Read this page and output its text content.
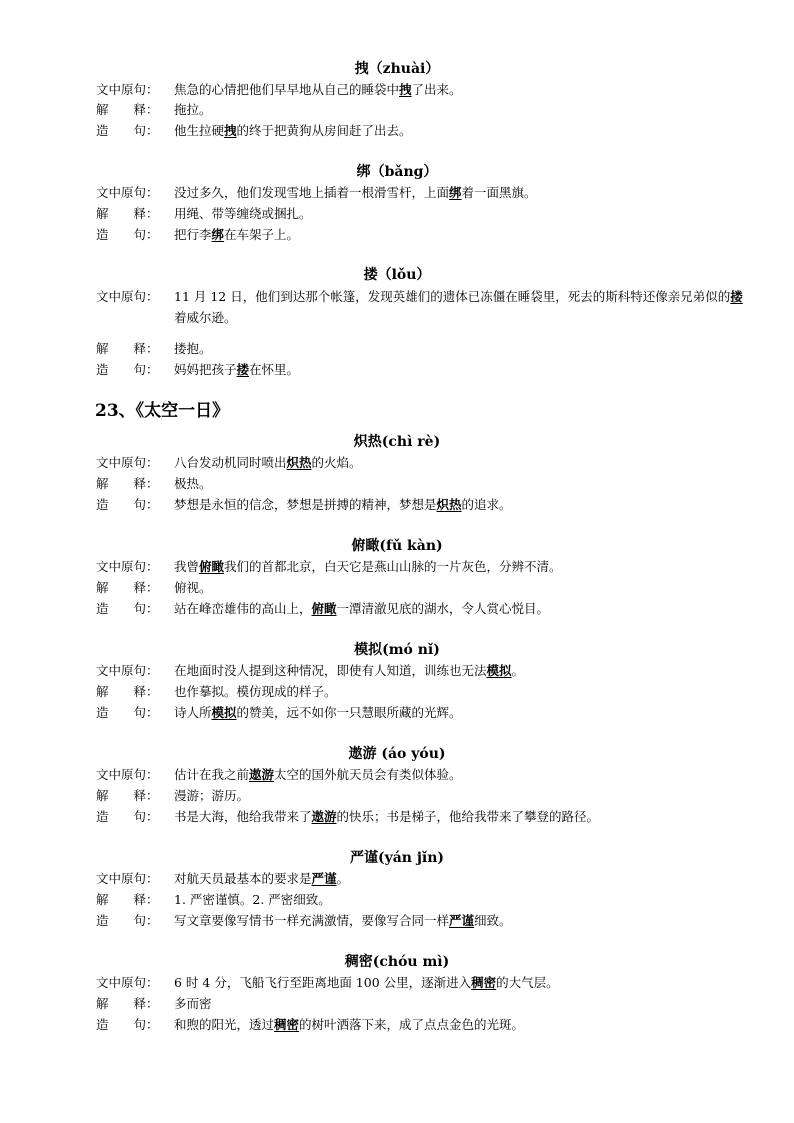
23、《太空一日》
拽（zhuài）
文中原句：	焦急的心情把他们早早地从自己的睡袋中拽了出来。
解　　释：	拖拉。
造　　句：	他生拉硬拽的终于把黄狗从房间赶了出去。
绑（bǎng）
文中原句：	没过多久，他们发现雪地上插着一根滑雪杆，上面绑着一面黑旗。
解　　释：	用绳、带等缠绕或捆扎。
造　　句：	把行李绑在车架子上。
搂（lǒu）
文中原句：	11 月 12 日，他们到达那个帐篷，发现英雄们的遗体已冻僵在睡袋里，死去的斯科特还像亲兄弟似的搂着威尔逊。
解　　释：	搂抱。
造　　句：	妈妈把孩子搂在怀里。
炽热(chì rè)
文中原句：	八台发动机同时喷出炽热的火焰。
解　　释：	极热。
造　　句：	梦想是永恒的信念，梦想是拼搏的精神，梦想是炽热的追求。
俯瞰(fǔ kàn)
文中原句：	我曾俯瞰我们的首都北京，白天它是燕山山脉的一片灰色，分辨不清。
解　　释：	俯视。
造　　句：	站在峰峦雄伟的高山上，俯瞰一潭清澈见底的湖水，令人赏心悦目。
模拟(mó nǐ)
文中原句：	在地面时没人提到这种情况，即使有人知道，训练也无法模拟。
解　　释：	也作摹拟。模仿现成的样子。
造　　句：	诗人所模拟的赞美，远不如你一只慧眼所藏的光辉。
遨游 (áo yóu)
文中原句：	估计在我之前遨游太空的国外航天员会有类似体验。
解　　释：	漫游；游历。
造　　句：	书是大海，他给我带来了遨游的快乐；书是梯子，他给我带来了攀登的路径。
严谨(yán jǐn)
文中原句：	对航天员最基本的要求是严谨。
解　　释：	1. 严密谨慎。2. 严密细致。
造　　句：	写文章要像写情书一样充满激情，要像写合同一样严谨细致。
稠密(chóu mì)
文中原句：	6 时 4 分，飞船飞行至距离地面 100 公里，逐渐进入稠密的大气层。
解　　释：	多而密
造　　句：	和煦的阳光，透过稠密的树叶洒落下来，成了点点金色的光斑。
